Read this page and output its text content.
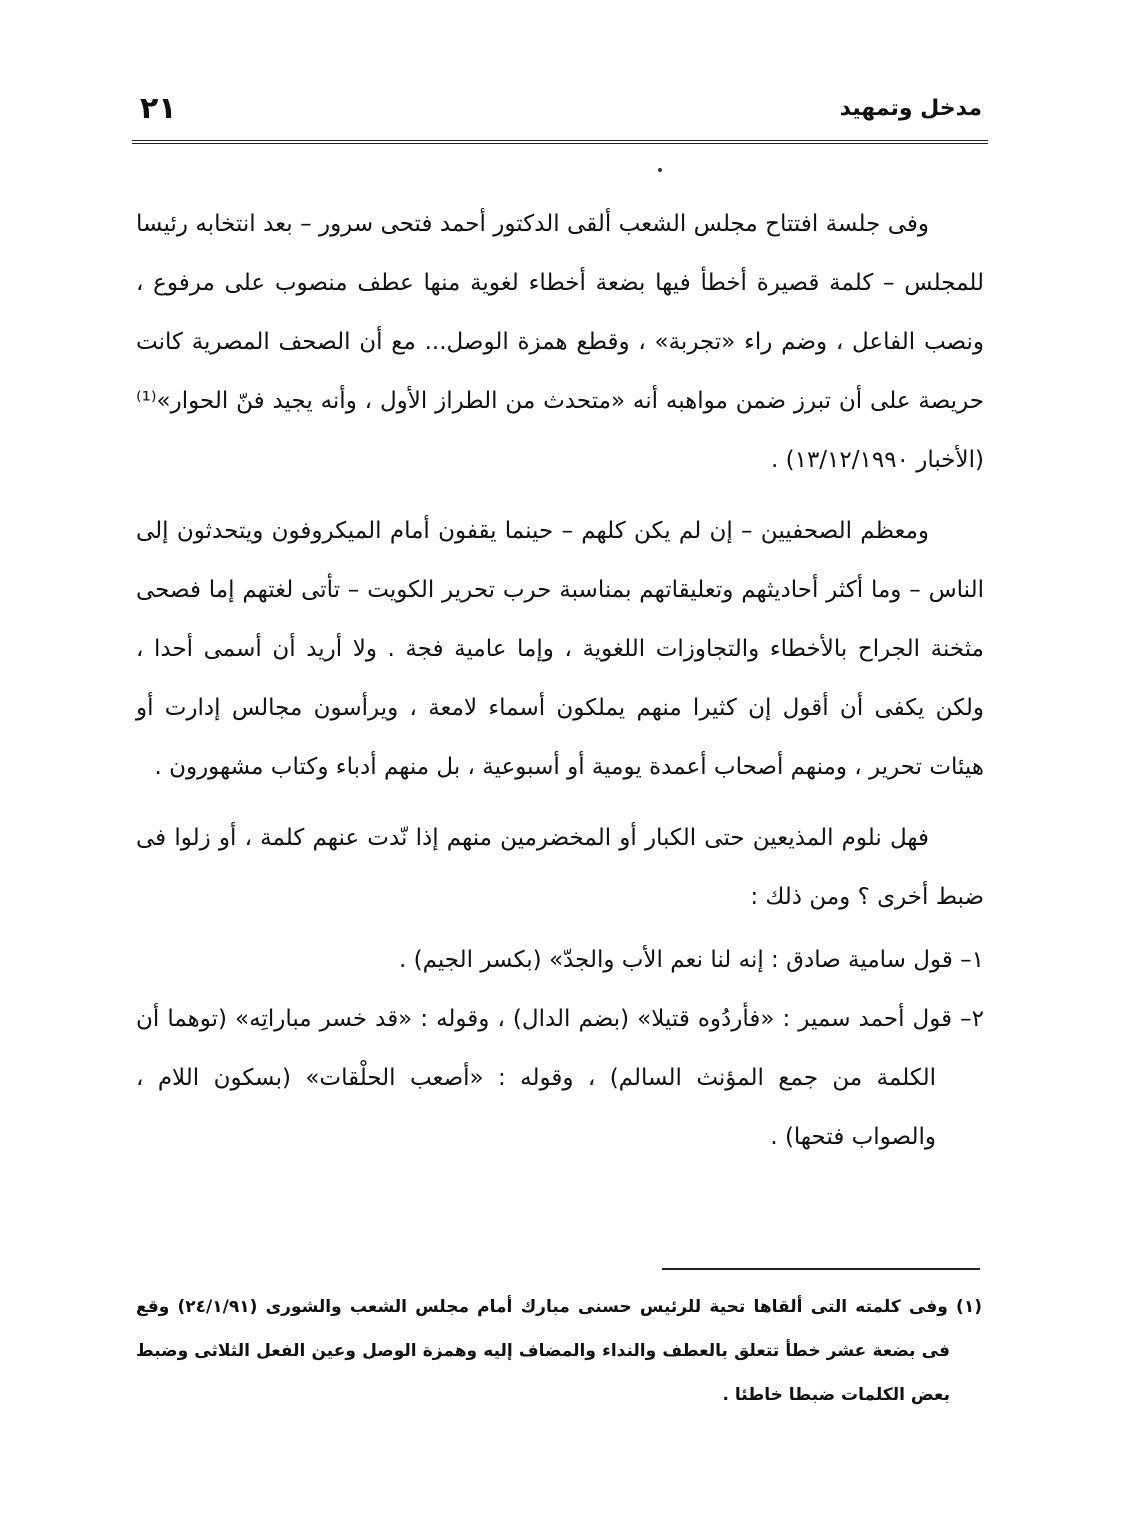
مدخل وتمهيد
٢١

وفى جلسة افتتاح مجلس الشعب ألقى الدكتور أحمد فتحى سرور – بعد انتخابه رئيسا للمجلس – كلمة قصيرة أخطأ فيها بضعة أخطاء لغوية منها عطف منصوب على مرفوع ، ونصب الفاعل ، وضم راء «تجربة» ، وقطع همزة الوصل... مع أن الصحف المصرية كانت حريصة على أن تبرز ضمن مواهبه أنه «متحدث من الطراز الأول ، وأنه يجيد فنّ الحوار»⁽¹⁾ (الأخبار ١٣/١٢/١٩٩٠) .

ومعظم الصحفيين – إن لم يكن كلهم – حينما يقفون أمام الميكروفون ويتحدثون إلى الناس – وما أكثر أحاديثهم وتعليقاتهم بمناسبة حرب تحرير الكويت – تأتى لغتهم إما فصحى مثخنة الجراح بالأخطاء والتجاوزات اللغوية ، وإما عامية فجة . ولا أريد أن أسمى أحدا ، ولكن يكفى أن أقول إن كثيرا منهم يملكون أسماء لامعة ، ويرأسون مجالس إدارت أو هيئات تحرير ، ومنهم أصحاب أعمدة يومية أو أسبوعية ، بل منهم أدباء وكتاب مشهورون .

فهل نلوم المذيعين حتى الكبار أو المخضرمين منهم إذا نّدت عنهم كلمة ، أو زلوا فى ضبط أخرى ؟ ومن ذلك :

١– قول سامية صادق : إنه لنا نعم الأب والجدّ» (بكسر الجيم) .

٢– قول أحمد سمير : «فأردُوه قتيلا» (بضم الدال) ، وقوله : «قد خسر مباراتِه» (توهما أن الكلمة من جمع المؤنث السالم) ، وقوله : «أصعب الحلْقات» (بسكون اللام ، والصواب فتحها) .

(١) وفى كلمته التى ألقاها تحية للرئيس حسنى مبارك أمام مجلس الشعب والشورى (٢٤/١/٩١) وقع فى بضعة عشر خطأ تتعلق بالعطف والنداء والمضاف إليه وهمزة الوصل وعين الفعل الثلاثى وضبط بعض الكلمات ضبطا خاطئا .
